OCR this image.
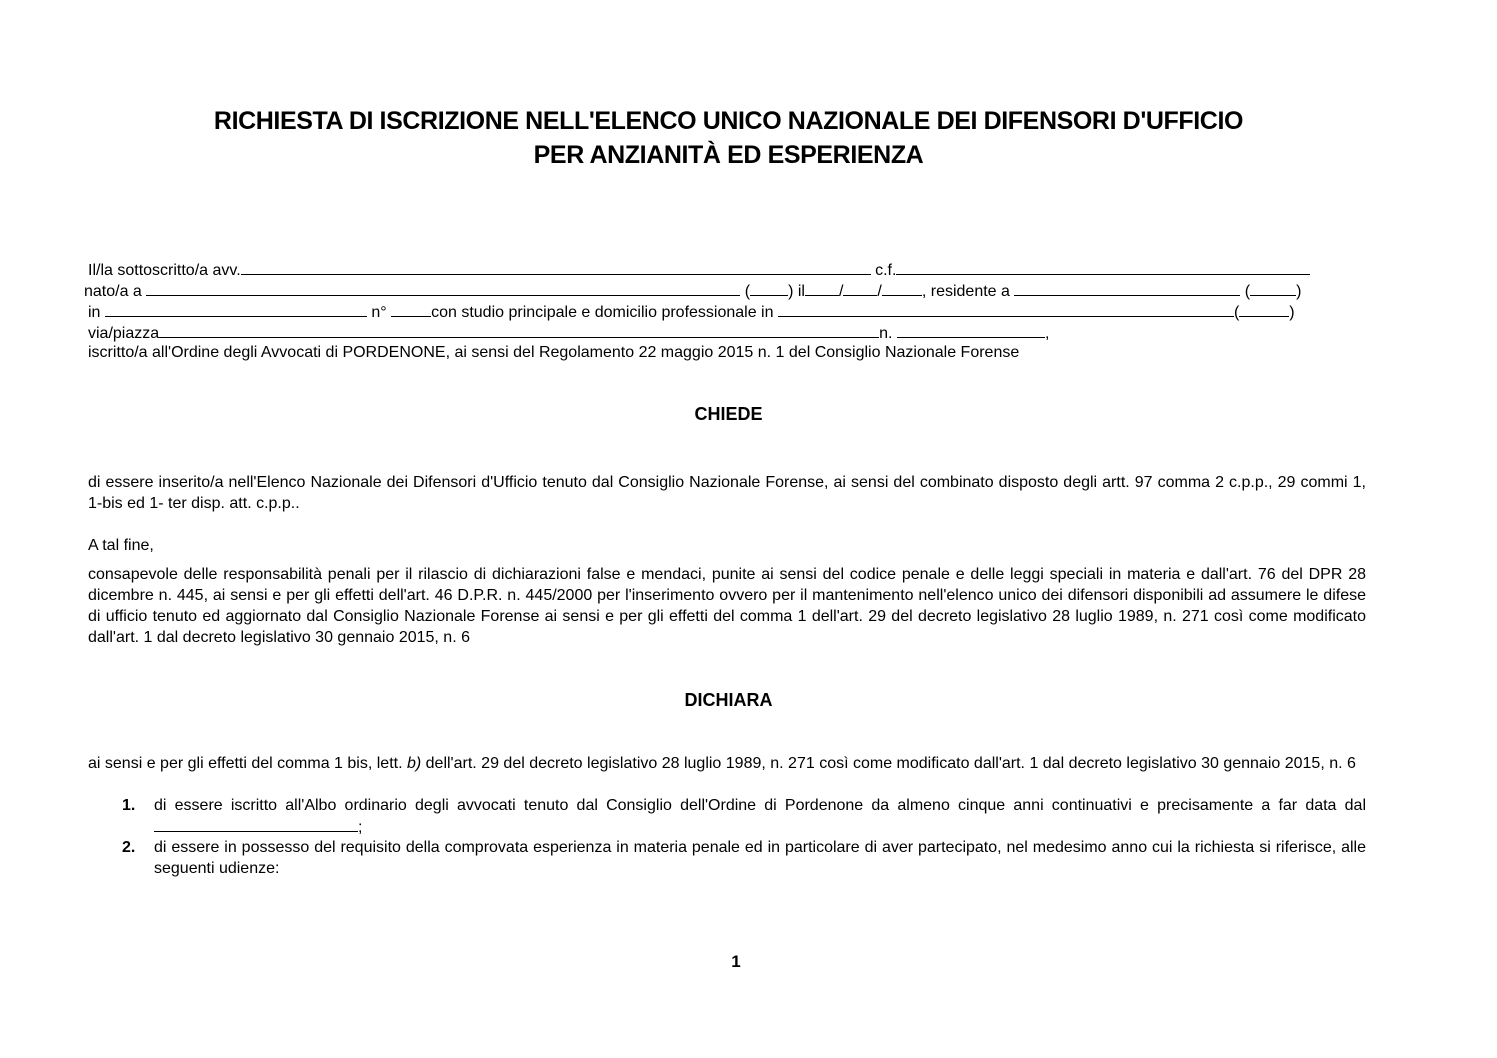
RICHIESTA DI ISCRIZIONE NELL'ELENCO UNICO NAZIONALE DEI DIFENSORI D'UFFICIO
PER ANZIANITÀ ED ESPERIENZA
Il/la sottoscritto/a avv.	c.f.
nato/a a	( ) il / /	, residente a	(	)
in	n°	con studio principale e domicilio professionale in	(	)
via/piazza	n.	,
iscritto/a all'Ordine degli Avvocati di PORDENONE, ai sensi del Regolamento 22 maggio 2015 n. 1 del Consiglio Nazionale Forense
CHIEDE
di essere inserito/a nell'Elenco Nazionale dei Difensori d'Ufficio tenuto dal Consiglio Nazionale Forense, ai sensi del combinato disposto degli artt. 97 comma 2 c.p.p., 29 commi 1, 1-bis ed 1- ter disp. att. c.p.p..
A tal fine,
consapevole delle responsabilità penali per il rilascio di dichiarazioni false e mendaci, punite ai sensi del codice penale e delle leggi speciali in materia e dall'art. 76 del DPR 28 dicembre n. 445, ai sensi e per gli effetti dell'art. 46 D.P.R. n. 445/2000 per l'inserimento ovvero per il mantenimento nell'elenco unico dei difensori disponibili ad assumere le difese di ufficio tenuto ed aggiornato dal Consiglio Nazionale Forense ai sensi e per gli effetti del comma 1 dell'art. 29 del decreto legislativo 28 luglio 1989, n. 271 così come modificato dall'art. 1 dal decreto legislativo 30 gennaio 2015, n. 6
DICHIARA
ai sensi e per gli effetti del comma 1 bis, lett. b) dell'art. 29 del decreto legislativo 28 luglio 1989, n. 271 così come modificato dall'art. 1 dal decreto legislativo 30 gennaio 2015, n. 6
1. di essere iscritto all'Albo ordinario degli avvocati tenuto dal Consiglio dell'Ordine di Pordenone da almeno cinque anni continuativi e precisamente a far data dal ;
2. di essere in possesso del requisito della comprovata esperienza in materia penale ed in particolare di aver partecipato, nel medesimo anno cui la richiesta si riferisce, alle seguenti udienze:
1
